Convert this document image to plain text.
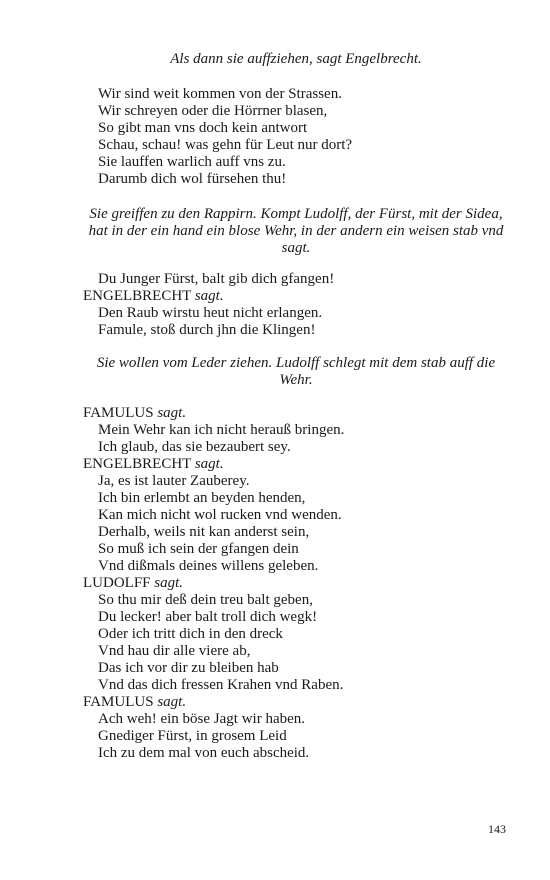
Als dann sie auffziehen, sagt Engelbrecht.
Wir sind weit kommen von der Strassen.
Wir schreyen oder die Hörrner blasen,
So gibt man vns doch kein antwort
Schau, schau! was gehn für Leut nur dort?
Sie lauffen warlich auff vns zu.
Darumb dich wol fürsehen thu!
Sie greiffen zu den Rappirn. Kompt Ludolff, der Fürst, mit der Sidea,
hat in der ein hand ein blose Wehr, in der andern ein weisen stab vnd
sagt.
Du Junger Fürst, balt gib dich gfangen!
ENGELBRECHT sagt.
Den Raub wirstu heut nicht erlangen.
Famule, stoß durch jhn die Klingen!
Sie wollen vom Leder ziehen. Ludolff schlegt mit dem stab auff die
Wehr.
FAMULUS sagt.
Mein Wehr kan ich nicht herauß bringen.
Ich glaub, das sie bezaubert sey.
ENGELBRECHT sagt.
Ja, es ist lauter Zauberey.
Ich bin erlembt an beyden henden,
Kan mich nicht wol rucken vnd wenden.
Derhalb, weils nit kan anderst sein,
So muß ich sein der gfangen dein
Vnd dißmals deines willens geleben.
LUDOLFF sagt.
So thu mir deß dein treu balt geben,
Du lecker! aber balt troll dich wegk!
Oder ich tritt dich in den dreck
Vnd hau dir alle viere ab,
Das ich vor dir zu bleiben hab
Vnd das dich fressen Krahen vnd Raben.
FAMULUS sagt.
Ach weh! ein böse Jagt wir haben.
Gnediger Fürst, in grosem Leid
Ich zu dem mal von euch abscheid.
143
